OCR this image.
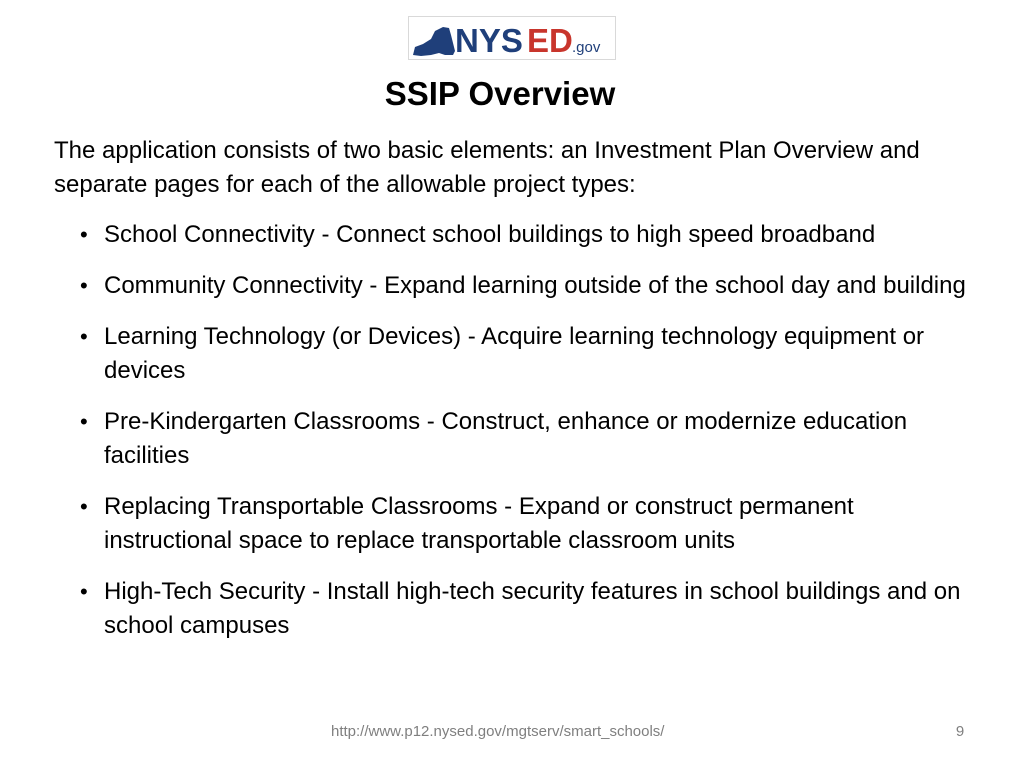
NYS ED .gov
SSIP Overview

The application consists of two basic elements: an Investment Plan Overview and separate pages for each of the allowable project types:

• School Connectivity - Connect school buildings to high speed broadband
• Community Connectivity - Expand learning outside of the school day and building
• Learning Technology (or Devices) - Acquire learning technology equipment or devices
• Pre-Kindergarten Classrooms - Construct, enhance or modernize education facilities
• Replacing Transportable Classrooms - Expand or construct permanent instructional space to replace transportable classroom units
• High-Tech Security - Install high-tech security features in school buildings and on school campuses
http://www.p12.nysed.gov/mgtserv/smart_schools/	9
